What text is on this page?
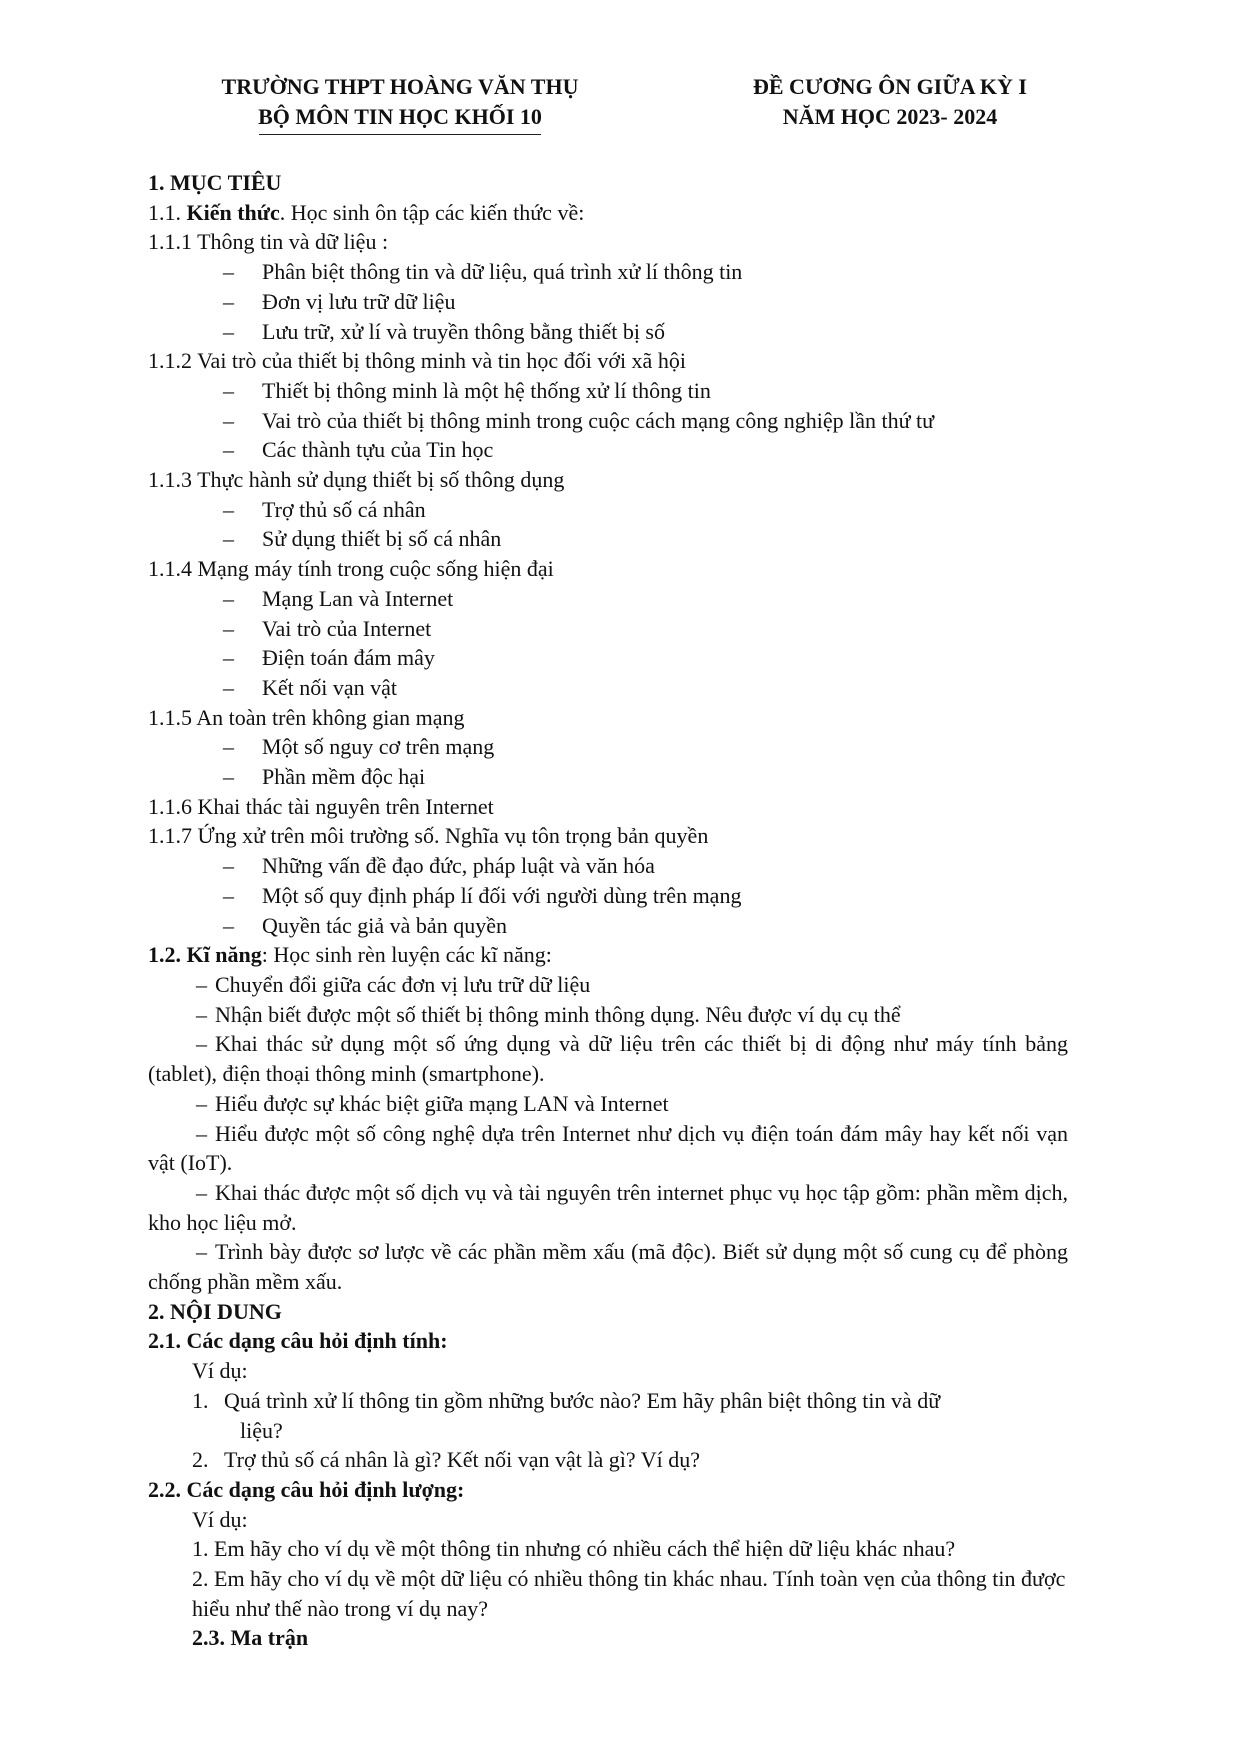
TRƯỜNG THPT HOÀNG VĂN THỤ
BỘ MÔN TIN HỌC KHỐI 10
ĐỀ CƯƠNG ÔN GIỮA KỲ I
NĂM HỌC 2023- 2024
1. MỤC TIÊU
1.1. Kiến thức. Học sinh ôn tập các kiến thức về:
1.1.1 Thông tin và dữ liệu :
–	Phân biệt thông tin và dữ liệu, quá trình xử lí thông tin
–	Đơn vị lưu trữ dữ liệu
–	Lưu trữ, xử lí và truyền thông bằng thiết bị số
1.1.2 Vai trò của thiết bị thông minh và tin học đối với xã hội
–	Thiết bị thông minh là một hệ thống xử lí thông tin
–	Vai trò của thiết bị thông minh trong cuộc cách mạng công nghiệp lần thứ tư
–	Các thành tựu của Tin học
1.1.3 Thực hành sử dụng thiết bị số thông dụng
–	Trợ thủ số cá nhân
–	Sử dụng thiết bị số cá nhân
1.1.4 Mạng máy tính trong cuộc sống hiện đại
–	Mạng Lan và Internet
–	Vai trò của Internet
–	Điện toán đám mây
–	Kết nối vạn vật
1.1.5 An toàn trên không gian mạng
–	Một số nguy cơ trên mạng
–	Phần mềm độc hại
1.1.6 Khai thác tài nguyên trên Internet
1.1.7 Ứng xử trên môi trường số. Nghĩa vụ tôn trọng bản quyền
–	Những vấn đề đạo đức, pháp luật và văn hóa
–	Một số quy định pháp lí đối với người dùng trên mạng
–	Quyền tác giả và bản quyền
1.2. Kĩ năng: Học sinh rèn luyện các kĩ năng:
– Chuyển đổi giữa các đơn vị lưu trữ dữ liệu
– Nhận biết được một số thiết bị thông minh thông dụng. Nêu được ví dụ cụ thể
– Khai thác sử dụng một số ứng dụng và dữ liệu trên các thiết bị di động như máy tính bảng (tablet), điện thoại thông minh (smartphone).
– Hiểu được sự khác biệt giữa mạng LAN và Internet
– Hiểu được một số công nghệ dựa trên Internet như dịch vụ điện toán đám mây hay kết nối vạn vật (IoT).
– Khai thác được một số dịch vụ và tài nguyên trên internet phục vụ học tập gồm: phần mềm dịch, kho học liệu mở.
– Trình bày được sơ lược về các phần mềm xấu (mã độc). Biết sử dụng một số cung cụ để phòng chống phần mềm xấu.
2. NỘI DUNG
2.1. Các dạng câu hỏi định tính:
Ví dụ:
1. Quá trình xử lí thông tin gồm những bước nào? Em hãy phân biệt thông tin và dữ
liệu?
2. Trợ thủ số cá nhân là gì? Kết nối vạn vật là gì? Ví dụ?
2.2. Các dạng câu hỏi định lượng:
Ví dụ:
1. Em hãy cho ví dụ về một thông tin nhưng có nhiều cách thể hiện dữ liệu khác nhau?
2. Em hãy cho ví dụ về một dữ liệu có nhiều thông tin khác nhau. Tính toàn vẹn của thông tin được hiểu như thế nào trong ví dụ nay?
2.3. Ma trận
